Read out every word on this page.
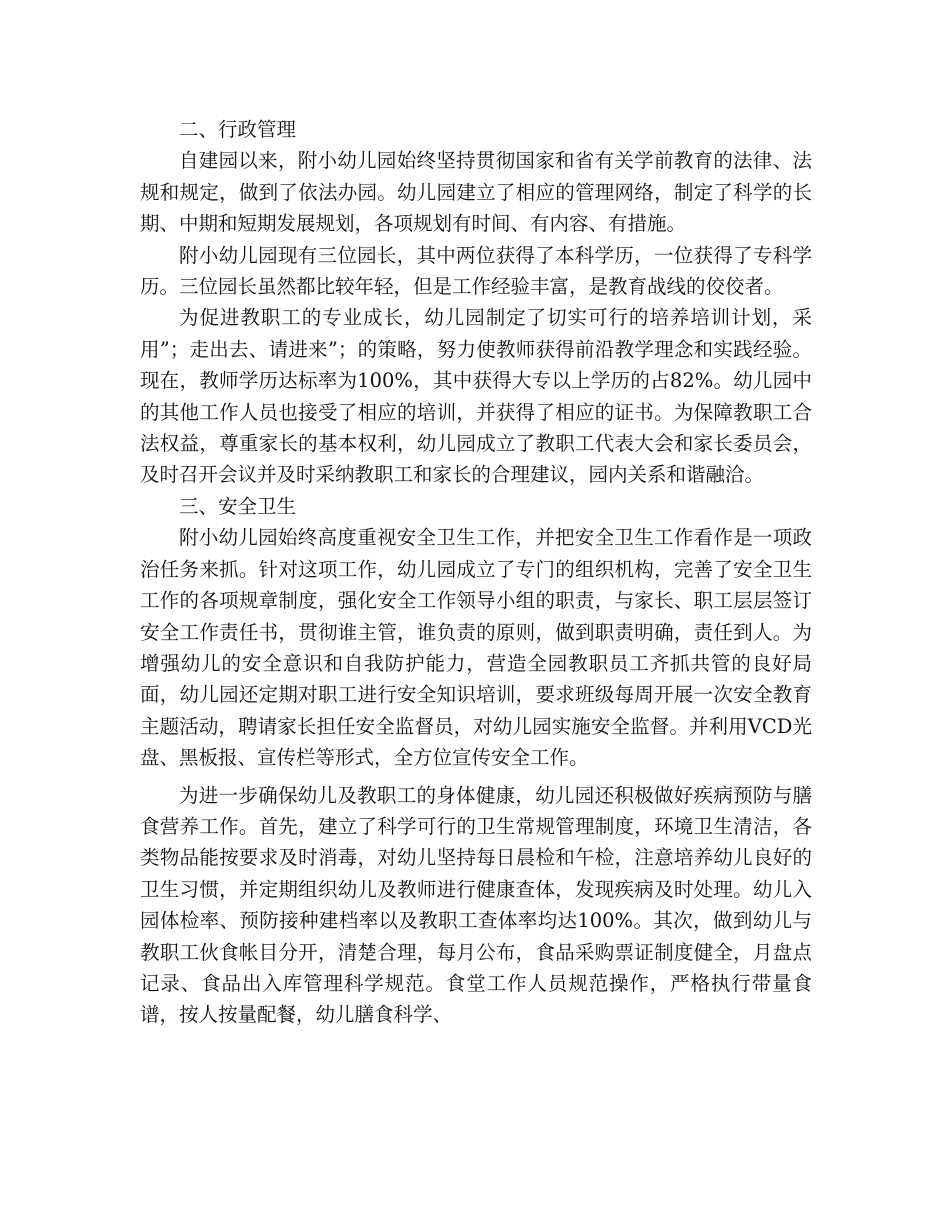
二、行政管理

自建园以来，附小幼儿园始终坚持贯彻国家和省有关学前教育的法律、法规和规定，做到了依法办园。幼儿园建立了相应的管理网络，制定了科学的长期、中期和短期发展规划，各项规划有时间、有内容、有措施。

附小幼儿园现有三位园长，其中两位获得了本科学历，一位获得了专科学历。三位园长虽然都比较年轻，但是工作经验丰富，是教育战线的佼佼者。

为促进教职工的专业成长，幼儿园制定了切实可行的培养培训计划，采用”；走出去、请进来”；的策略，努力使教师获得前沿教学理念和实践经验。现在，教师学历达标率为100%，其中获得大专以上学历的占82%。幼儿园中的其他工作人员也接受了相应的培训，并获得了相应的证书。为保障教职工合法权益，尊重家长的基本权利，幼儿园成立了教职工代表大会和家长委员会，及时召开会议并及时采纳教职工和家长的合理建议，园内关系和谐融洽。

三、安全卫生

附小幼儿园始终高度重视安全卫生工作，并把安全卫生工作看作是一项政治任务来抓。针对这项工作，幼儿园成立了专门的组织机构，完善了安全卫生工作的各项规章制度，强化安全工作领导小组的职责，与家长、职工层层签订安全工作责任书，贯彻谁主管，谁负责的原则，做到职责明确，责任到人。为增强幼儿的安全意识和自我防护能力，营造全园教职员工齐抓共管的良好局面，幼儿园还定期对职工进行安全知识培训，要求班级每周开展一次安全教育主题活动，聘请家长担任安全监督员，对幼儿园实施安全监督。并利用VCD光盘、黑板报、宣传栏等形式，全方位宣传安全工作。

为进一步确保幼儿及教职工的身体健康，幼儿园还积极做好疾病预防与膳食营养工作。首先，建立了科学可行的卫生常规管理制度，环境卫生清洁，各类物品能按要求及时消毒，对幼儿坚持每日晨检和午检，注意培养幼儿良好的卫生习惯，并定期组织幼儿及教师进行健康查体，发现疾病及时处理。幼儿入园体检率、预防接种建档率以及教职工查体率均达100%。其次，做到幼儿与教职工伙食帐目分开，清楚合理，每月公布，食品采购票证制度健全，月盘点记录、食品出入库管理科学规范。食堂工作人员规范操作，严格执行带量食谱，按人按量配餐，幼儿膳食科学、
